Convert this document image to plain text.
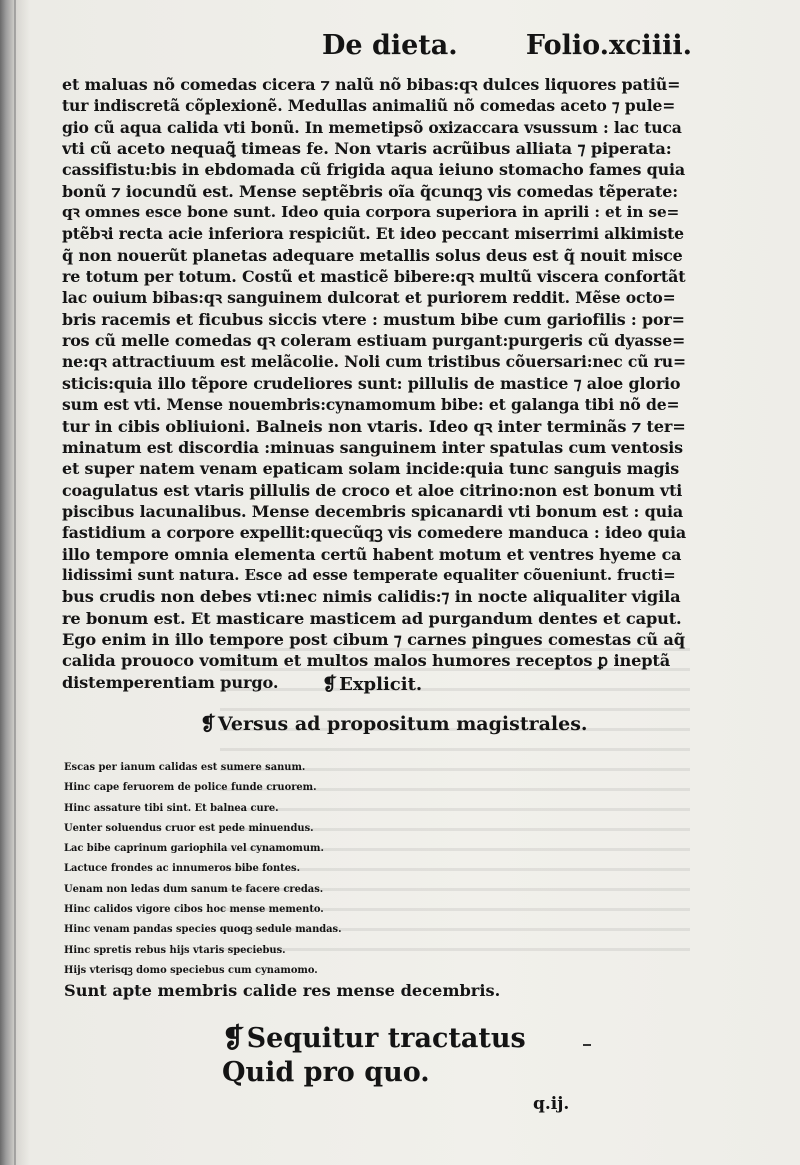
De dieta.	Folio.xciiii.
et maluas nõ comedas cicera ⁊ nalũ nõ bibas:qꝛ dulces liquores patiũ=
tur indiscretã cõplexionẽ. Medullas animaliũ nõ comedas aceto ⁊ pule=
gio cũ aqua calida vti bonũ. In memetipsõ oxizaccara vsussum : lac tuca
vti cũ aceto nequaꝗ̃ timeas fe. Non vtaris acrũibus alliata ⁊ piperata:
cassifistu:bis in ebdomada cũ frigida aqua ieiuno stomacho fames quia
bonũ ⁊ iocundũ est. Mense septẽbris oĩa q̃cunqꝫ vis comedas tẽperate:
qꝛ omnes esce bone sunt. Ideo quia corpora superiora in aprili : et in se=
ptẽbꝛi recta acie inferiora respiciũt. Et ideo peccant miserrimi alkimiste
q̃ non nouerũt planetas adequare metallis solus deus est q̃ nouit misce
re totum per totum. Costũ et masticẽ bibere:qꝛ multũ viscera confortãt
lac ouium bibas:qꝛ sanguinem dulcorat et puriorem reddit. Mẽse octo=
bris racemis et ficubus siccis vtere : mustum bibe cum gariofilis : por=
ros cũ melle comedas qꝛ coleram estiuam purgant:purgeris cũ dyasse=
ne:qꝛ attractiuum est melãcolie. Noli cum tristibus cõuersari:nec cũ ru=
sticis:quia illo tẽpore crudeliores sunt: pillulis de mastice ⁊ aloe glorio
sum est vti. Mense nouembris:cynamomum bibe: et galanga tibi nõ de=
tur in cibis obliuioni. Balneis non vtaris. Ideo qꝛ inter terminãs ⁊ ter=
minatum est discordia :minuas sanguinem inter spatulas cum ventosis
et super natem venam epaticam solam incide:quia tunc sanguis magis
coagulatus est vtaris pillulis de croco et aloe citrino:non est bonum vti
piscibus lacunalibus. Mense decembris spicanardi vti bonum est : quia
fastidium a corpore expellit:quecũqꝫ vis comedere manduca : ideo quia
illo tempore omnia elementa certũ habent motum et ventres hyeme ca
lidissimi sunt natura. Esce ad esse temperate equaliter cõueniunt. fructi=
bus crudis non debes vti:nec nimis calidis:⁊ in nocte aliqualiter vigila
re bonum est. Et masticare masticem ad purgandum dentes et caput.
Ego enim in illo tempore post cibum ⁊ carnes pingues comestas cũ aq̃
calida prouoco vomitum et multos malos humores receptos ꝑ ineptã
distemperentiam purgo.	❡ Explicit.
❡ Versus ad propositum magistrales.
Escas per ianum calidas est sumere sanum.
Hinc cape feruorem de police funde cruorem.
Hinc assature tibi sint. Et balnea cure.
Uenter soluendus cruor est pede minuendus.
Lac bibe caprinum gariophila vel cynamomum.
Lactuce frondes ac innumeros bibe fontes.
Uenam non ledas dum sanum te facere credas.
Hinc calidos vigore cibos hoc mense memento.
Hinc venam pandas species quoqꝫ sedule mandas.
Hinc spretis rebus hijs vtaris speciebus.
Hijs vterisqꝫ domo speciebus cum cynamomo.
Sunt apte membris calide res mense decembris.
❡Sequitur tractatus
Quid pro quo.
q.ij.
